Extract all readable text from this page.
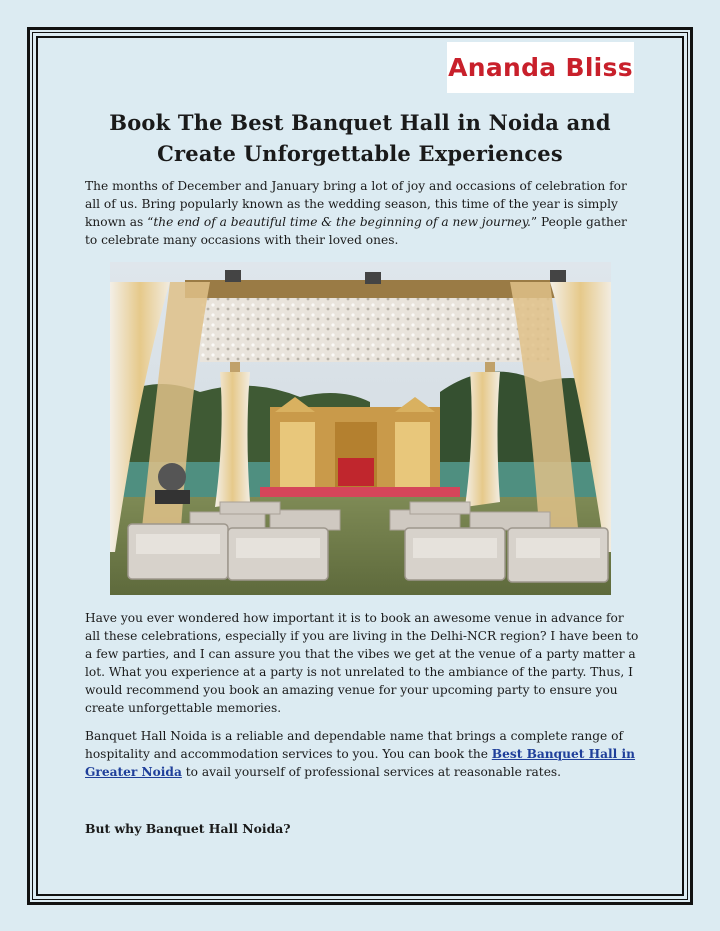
Ananda Bliss
Book The Best Banquet Hall in Noida and Create Unforgettable Experiences

The months of December and January bring a lot of joy and occasions of celebration for all of us. Bring popularly known as the wedding season, this time of the year is simply known as “the end of a beautiful time & the beginning of a new journey.” People gather to celebrate many occasions with their loved ones.

Have you ever wondered how important it is to book an awesome venue in advance for all these celebrations, especially if you are living in the Delhi-NCR region? I have been to a few parties, and I can assure you that the vibes we get at the venue of a party matter a lot. What you experience at a party is not unrelated to the ambiance of the party. Thus, I would recommend you book an amazing venue for your upcoming party to ensure you create unforgettable memories.

Banquet Hall Noida is a reliable and dependable name that brings a complete range of hospitality and accommodation services to you. You can book the Best Banquet Hall in Greater Noida to avail yourself of professional services at reasonable rates.

But why Banquet Hall Noida?
